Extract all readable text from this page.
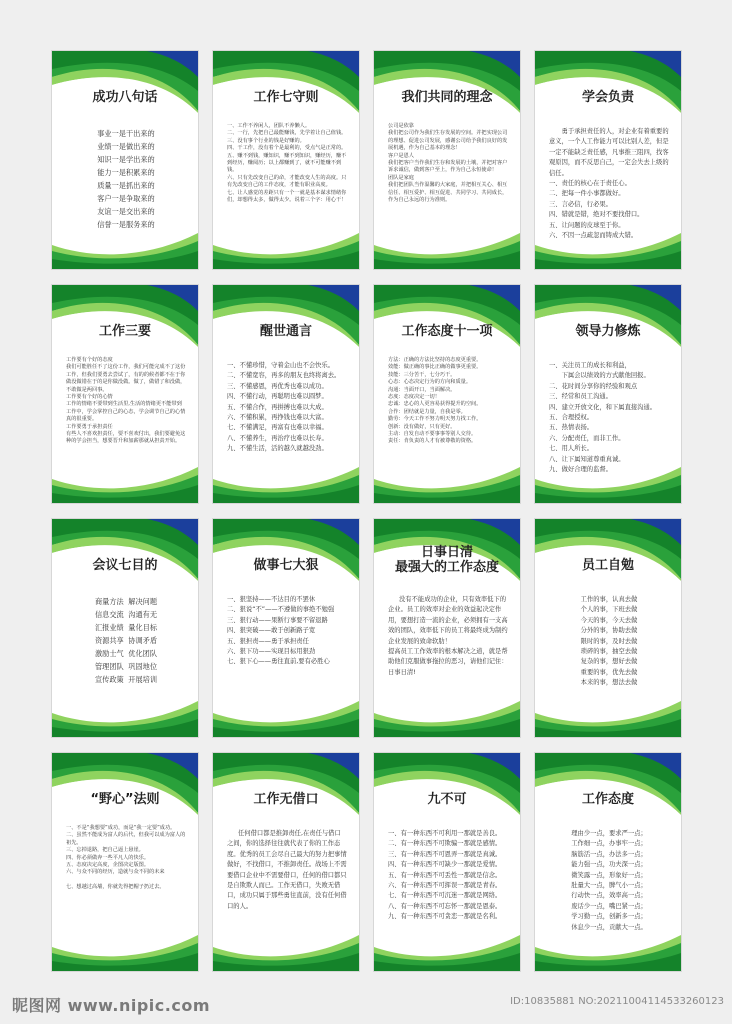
成功八句话
事业一是干出来的
业绩一是做出来的
知识一是学出来的
能力一是积累来的
质量一是抓出来的
客户一是争取来的
友谊一是交出来的
信誉一是服务来的
工作七守则
一、工作不养闲人，团队不养懒人。
二、一行，先把自己最能赚钱，先学着让自己值钱。
三、没有事个行业的钱是好赚的。
四、干工作，没有着个是最利的，受点气是正常的。
五、赚不到钱，赚知识，赚不到知识，赚经历，赚不到经历，赚阅历；以上都赚到了，就不可能赚不到钱。
六、只有先改变自己的命，才能改变人生的高度。只有先改变自己的工作态度，才能有职业高度。
七、让人感觉的差距只有一个一就是基本谋求情绪你们，却想得太多，做得太少。说着三个字：用心干！
我们共同的理念
公司是依靠
我们把公司作为我们生存发展的空间。并把实现公司的理想、促进公司发展，感谢公司给予我们良好的发展机遇，作为自己基本的理念！
客户是恩人
我们把客户当作我们生存和发展的土壤，并把对客户诉求诚信，做到客户至上，作为自己永恒使命！
团队是家庭
我们把团队当作温馨的大家庭，并把相互关心、相互信任、相互爱护、相互促进、共同学习、共同成长，作为自己永远的行为准则。
学会负责
　　勇于承担责任的人，对企业有着重要的意义，一个人工作能力可以比别人差，但是一定不能缺乏责任感，凡事推三阻四，找客观原因，而不反思自己，一定会失去上级的信任。
一、责任的核心在于责任心。
二、把每一件小事都做好。
三、言必信，行必果。
四、错就是错，绝对不要找借口。
五、让问题的皮球至于你。
六、不因一点疏忽而铸成大错。
工作三要
工作要有个好的态度
我们可能胜任不了这份工作，我们可能完成不了这份工作，但我们要勇去尝试了，有的的候者都不在于你做没做错在于的是你做没做。做了，做错了和没做，不敢做是两回事。
工作要有个好的心情
工作的情绪不要带到生活里,生活的情绪更不能带到工作中，学会掌控自己的心态，学会调节自己的心情真的很重要。
工作要勇于承担责任
有些人不喜欢担责任，要不喜欢付出，我们要避免这种的学会担当，想要晋升和加薪那就从担责开始。
醒世通言
一、不懂珍惜，守着金山也不会快乐。
二、不懂宽容，再多的朋友也终将离去。
三、不懂感恩，再优秀也难以成功。
四、不懂行动，再聪明也难以圆梦。
五、不懂合作，再拼搏也难以大成。
六、不懂积累，再挣钱也难以大富。
七、不懂满足，再富有也难以幸福。
八、不懂养生，再治疗也难以长寿。
九、不懂生活，活的越久就越没劲。
工作态度十一项
方法：正确的方法比坚持的态度更重要。
效能：做正确的事比正确的做事更重要。
技能：三分苦干，七分巧干。
心态：心态决定行为的方向和质量。
沟通：当面开口，当面解决。
态度：态度决定一切！
忠诚：忠心的人更容易获得提升的空间。
合作：团结就是力量，自我是零。
勤劳：今天工作不努力明天努力找工作。
创新：没有做好，只有更好。
主动：自发自动不要事事等别人交待。
责任：肯负责的人才有被尊敬的资格。
领导力修炼
一、关注员工的成长和利益，
　　下属会以绩效的方式献他回报。
二、花时间分享你的经验和观点
三、经常和员工沟通。
四、建立开放文化，和下属直接沟通。
五、合理授权。
五、热情表扬。
六、分配责任，而非工作。
七、用人所长。
八、让下属知道尊重真诚。
九、做好合理的监督。
会议七目的
商量方法  解决问题
信息交流  沟通有无
汇报业绩  量化目标
资源共享  协调矛盾
激励士气  优化团队
管理团队  巩固地位
宣传政策  开展培训
做事七大狠
一、狠坚持——不达目的不罢休
二、狠说“不”——不遵做的事绝不勉强
三、狠行动——果断行事要不留退路
四、狠突破——敢于创新路子宽
五、狠担责——勇于承担责任
六、狠下功——实现目标用狠劲
七、狠下心——勇往直前,要有必胜心
日事日清
最强大的工作态度
没有不能成功的企业，只有效率低下的企业。员工的效率对企业的效益起决定作用，要想打造一流的企业，必须拥有一支高效的团队，效率低下的员工将最终成为制约企业发展的致命软肋！
提高员工工作效率的根本解决之道，就是帮助他们克服做事拖拉的恶习，请他们记住：日事日清!
员工自勉
工作的事，认真去做
个人的事，下班去做
今天的事，今天去做
分外的事，协助去做
限时的事，及时去做
琐碎的事，抽空去做
复杂的事，想好去做
重要的事，优先去做
本来的事，想法去做
“野心”法则
一、不是“我想要”成功，而是“我一定要”成功。
二、虽然不能成为富人的后代，但我可以成为富人的祖先。
三、忘掉退路，把自己逼上悬崖。
四、你必须做奔一些平凡人的快乐。
五、态度决定高度，企图决定版图。
六、与众不同的经历，造就与众不同的未来

七、想越过高墙，你就先得把帽子扔过去。
工作无借口
任何借口都是推卸责任,在责任与借口之间，你的选择往往就代表了你的工作态度。优秀的员工会尽自己最大的努力把事情做好，不找借口，不推卸责任。战场上不需要借口企业中不需要借口，任何的借口都只是自欺欺人而已。工作无借口，失败无借口，成功只属于那些勇往直前，没有任何借口的人。
九不可
一、有一种东西不可利用一那就是善良。
二、有一种东西不可欺骗一那就是感情。
三、有一种东西不可恩弄一那就是真诚。
四、有一种东西不可缺少一那就是爱情。
五、有一种东西不可丢性一那就是信念。
六、有一种东西不可挥误一那就是青春。
七、有一种东西不可沉迷一那就是网络。
八、有一种东西不可忘怀一那就是恩泰。
九、有一种东西不可贪恋一那就是名利。
工作态度
理由少一点，要求严一点；
工作细一点，办事牢一点；
脑筋活一点，办法多一点；
能力强一点，功夫深一点；
微笑露一点，形象好一点；
肚量大一点，脾气小一点；
行动快一点，效率高一点；
废话少一点，嘴巴紧一点；
学习勤一点，创新多一点；
休息少一点，贡献大一点。
昵图网 www.nipic.com	ID:10835881 NO:20211004114533260123
